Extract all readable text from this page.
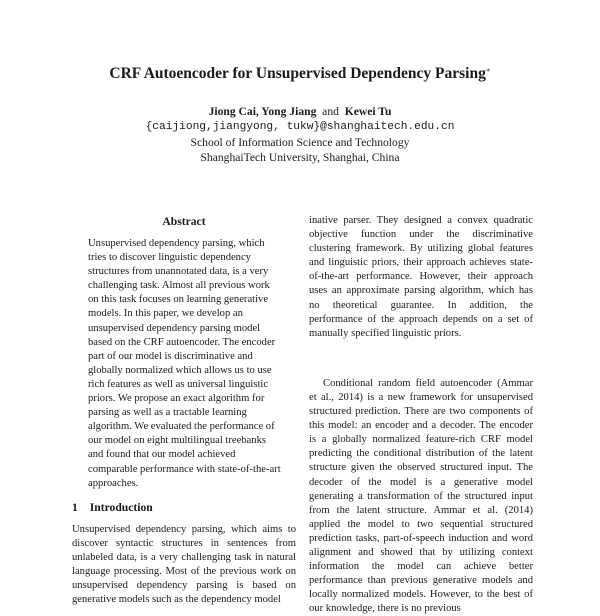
CRF Autoencoder for Unsupervised Dependency Parsing∗
Jiong Cai, Yong Jiang and Kewei Tu
{caijiong,jiangyong, tukw}@shanghaitech.edu.cn
School of Information Science and Technology
ShanghaiTech University, Shanghai, China
Abstract
Unsupervised dependency parsing, which tries to discover linguistic dependency structures from unannotated data, is a very challenging task. Almost all previous work on this task focuses on learning generative models. In this paper, we develop an unsupervised dependency parsing model based on the CRF autoencoder. The encoder part of our model is discriminative and globally normalized which allows us to use rich features as well as universal linguistic priors. We propose an exact algorithm for parsing as well as a tractable learning algorithm. We evaluated the performance of our model on eight multilingual treebanks and found that our model achieved comparable performance with state-of-the-art approaches.
1 Introduction
Unsupervised dependency parsing, which aims to discover syntactic structures in sentences from unlabeled data, is a very challenging task in natural language processing. Most of the previous work on unsupervised dependency parsing is based on generative models such as the dependency model
inative parser. They designed a convex quadratic objective function under the discriminative clustering framework. By utilizing global features and linguistic priors, their approach achieves state-of-the-art performance. However, their approach uses an approximate parsing algorithm, which has no theoretical guarantee. In addition, the performance of the approach depends on a set of manually specified linguistic priors.
Conditional random field autoencoder (Ammar et al., 2014) is a new framework for unsupervised structured prediction. There are two components of this model: an encoder and a decoder. The encoder is a globally normalized feature-rich CRF model predicting the conditional distribution of the latent structure given the observed structured input. The decoder of the model is a generative model generating a transformation of the structured input from the latent structure. Ammar et al. (2014) applied the model to two sequential structured prediction tasks, part-of-speech induction and word alignment and showed that by utilizing context information the model can achieve better performance than previous generative models and locally normalized models. However, to the best of our knowledge, there is no previous
